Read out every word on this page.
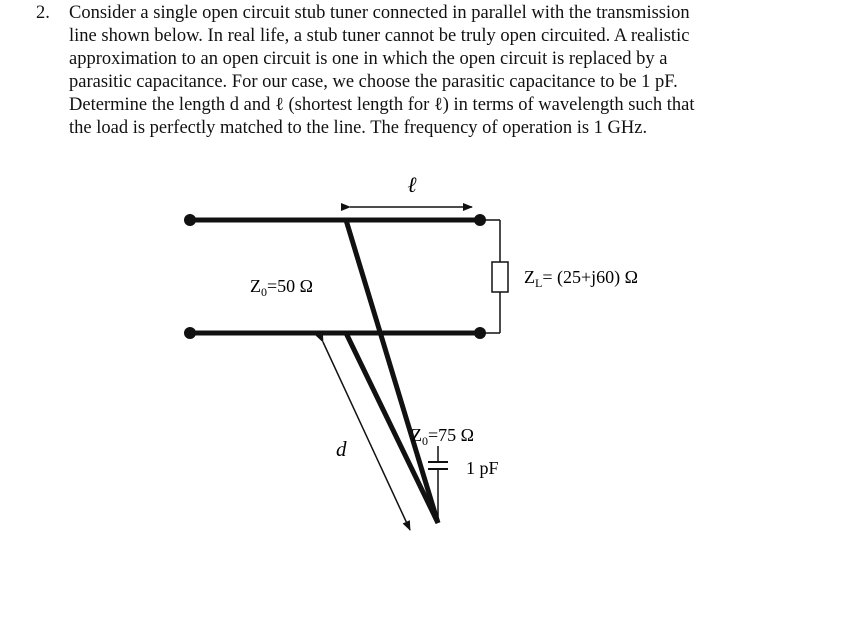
2. Consider a single open circuit stub tuner connected in parallel with the transmission
line shown below. In real life, a stub tuner cannot be truly open circuited. A realistic
approximation to an open circuit is one in which the open circuit is replaced by a
parasitic capacitance. For our case, we choose the parasitic capacitance to be 1 pF.
Determine the length d and ℓ (shortest length for ℓ) in terms of wavelength such that
the load is perfectly matched to the line. The frequency of operation is 1 GHz.
ℓ
d
$Z_0=50$ Ω	$Z_L= (25+j60)$ Ω
$Z_0=75$ Ω
1 pF
